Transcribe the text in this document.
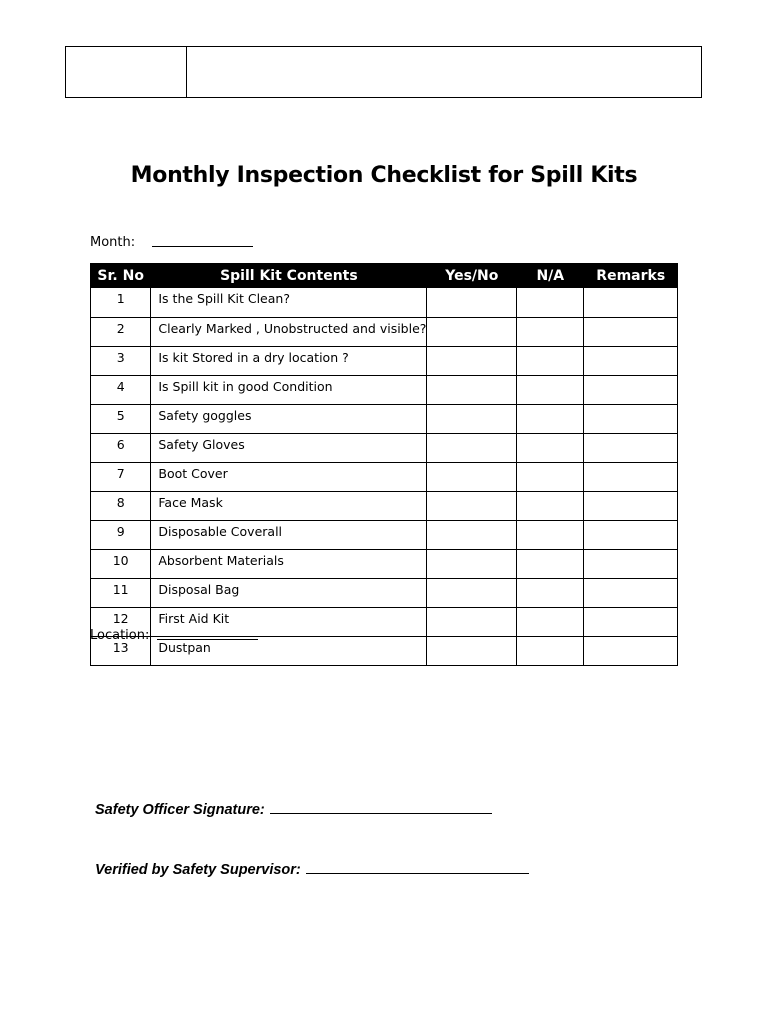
Monthly Inspection Checklist for Spill Kits
Month:
Sr. No	Spill Kit Contents	Yes/No	N/A	Remarks
1	Is the Spill Kit Clean?			
2	Clearly Marked , Unobstructed and visible?			
3	Is kit Stored in a dry location ?			
4	Is Spill kit in good Condition			
5	Safety goggles			
6	Safety Gloves			
7	Boot Cover			
8	Face Mask			
9	Disposable Coverall			
10	Absorbent Materials			
11	Disposal Bag			
12	First Aid Kit			
13	Dustpan			
Location:
Safety Officer Signature:
Verified by Safety Supervisor:
